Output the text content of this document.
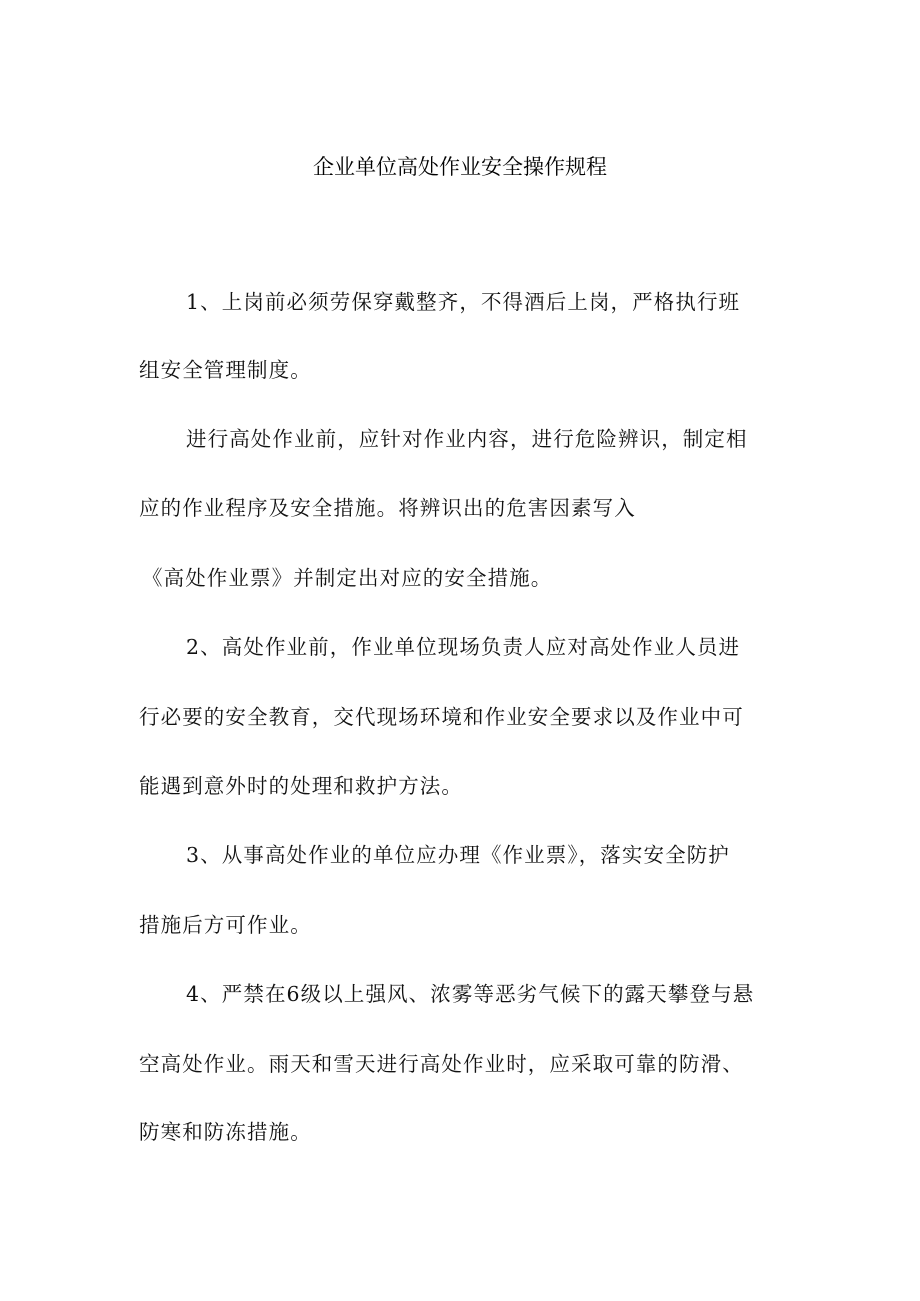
企业单位高处作业安全操作规程
1、上岗前必须劳保穿戴整齐，不得酒后上岗，严格执行班
组安全管理制度。
进行高处作业前，应针对作业内容，进行危险辨识，制定相
应的作业程序及安全措施。将辨识出的危害因素写入
《高处作业票》并制定出对应的安全措施。
2、高处作业前，作业单位现场负责人应对高处作业人员进
行必要的安全教育，交代现场环境和作业安全要求以及作业中可
能遇到意外时的处理和救护方法。
3、从事高处作业的单位应办理《作业票》，落实安全防护
措施后方可作业。
4、严禁在6级以上强风、浓雾等恶劣气候下的露天攀登与悬
空高处作业。雨天和雪天进行高处作业时，应采取可靠的防滑、
防寒和防冻措施。
